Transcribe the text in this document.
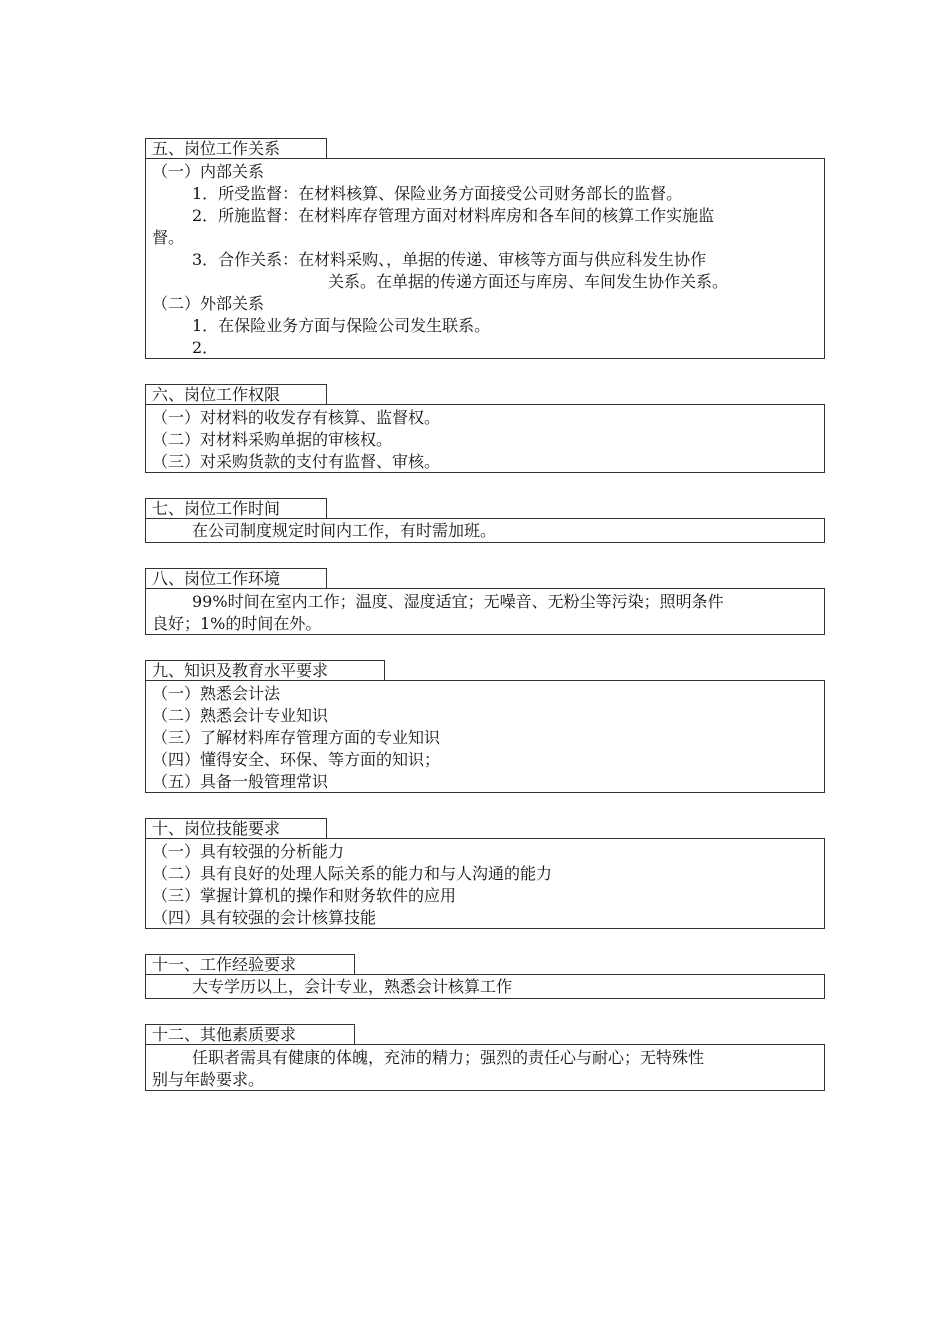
五、岗位工作关系
（一）内部关系
1．所受监督：在材料核算、保险业务方面接受公司财务部长的监督。
2．所施监督：在材料库存管理方面对材料库房和各车间的核算工作实施监
督。
3．合作关系：在材料采购、，单据的传递、审核等方面与供应科发生协作
关系。在单据的传递方面还与库房、车间发生协作关系。
（二）外部关系
1．在保险业务方面与保险公司发生联系。
2．
六、岗位工作权限
（一）对材料的收发存有核算、监督权。
（二）对材料采购单据的审核权。
（三）对采购货款的支付有监督、审核。
七、岗位工作时间
在公司制度规定时间内工作，有时需加班。
八、岗位工作环境
99%时间在室内工作；温度、湿度适宜；无噪音、无粉尘等污染；照明条件
良好；1%的时间在外。
九、知识及教育水平要求
（一）熟悉会计法
（二）熟悉会计专业知识
（三）了解材料库存管理方面的专业知识
（四）懂得安全、环保、等方面的知识；
（五）具备一般管理常识
十、岗位技能要求
（一）具有较强的分析能力
（二）具有良好的处理人际关系的能力和与人沟通的能力
（三）掌握计算机的操作和财务软件的应用
（四）具有较强的会计核算技能
十一、工作经验要求
大专学历以上，会计专业，熟悉会计核算工作
十二、其他素质要求
任职者需具有健康的体魄，充沛的精力；强烈的责任心与耐心；无特殊性
别与年龄要求。
